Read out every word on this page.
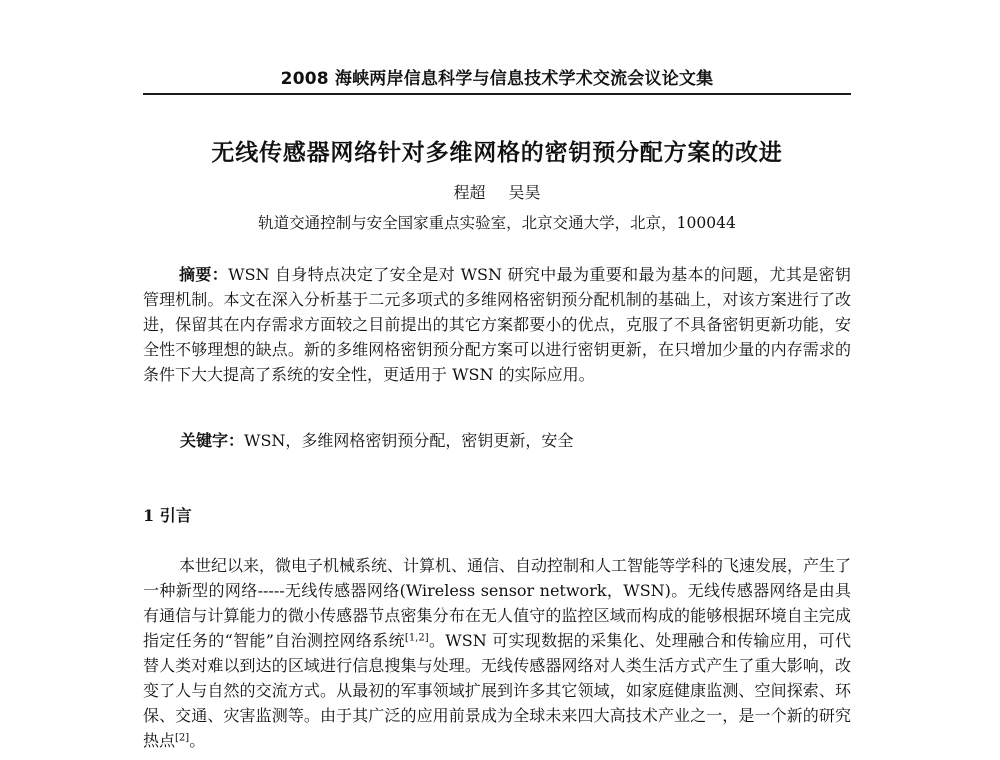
2008 海峡两岸信息科学与信息技术学术交流会议论文集
无线传感器网络针对多维网格的密钥预分配方案的改进
程超 吴昊
轨道交通控制与安全国家重点实验室，北京交通大学，北京，100044

摘要：WSN 自身特点决定了安全是对 WSN 研究中最为重要和最为基本的问题，尤其是密钥管理机制。本文在深入分析基于二元多项式的多维网格密钥预分配机制的基础上，对该方案进行了改进，保留其在内存需求方面较之目前提出的其它方案都要小的优点，克服了不具备密钥更新功能，安全性不够理想的缺点。新的多维网格密钥预分配方案可以进行密钥更新，在只增加少量的内存需求的条件下大大提高了系统的安全性，更适用于 WSN 的实际应用。

关键字：WSN，多维网格密钥预分配，密钥更新，安全
1 引言

本世纪以来，微电子机械系统、计算机、通信、自动控制和人工智能等学科的飞速发展，产生了一种新型的网络-----无线传感器网络(Wireless sensor network，WSN)。无线传感器网络是由具有通信与计算能力的微小传感器节点密集分布在无人值守的监控区域而构成的能够根据环境自主完成指定任务的“智能”自治测控网络系统[1,2]。WSN 可实现数据的采集化、处理融合和传输应用，可代替人类对难以到达的区域进行信息搜集与处理。无线传感器网络对人类生活方式产生了重大影响，改变了人与自然的交流方式。从最初的军事领域扩展到许多其它领域，如家庭健康监测、空间探索、环保、交通、灾害监测等。由于其广泛的应用前景成为全球未来四大高技术产业之一，是一个新的研究热点[2]。
